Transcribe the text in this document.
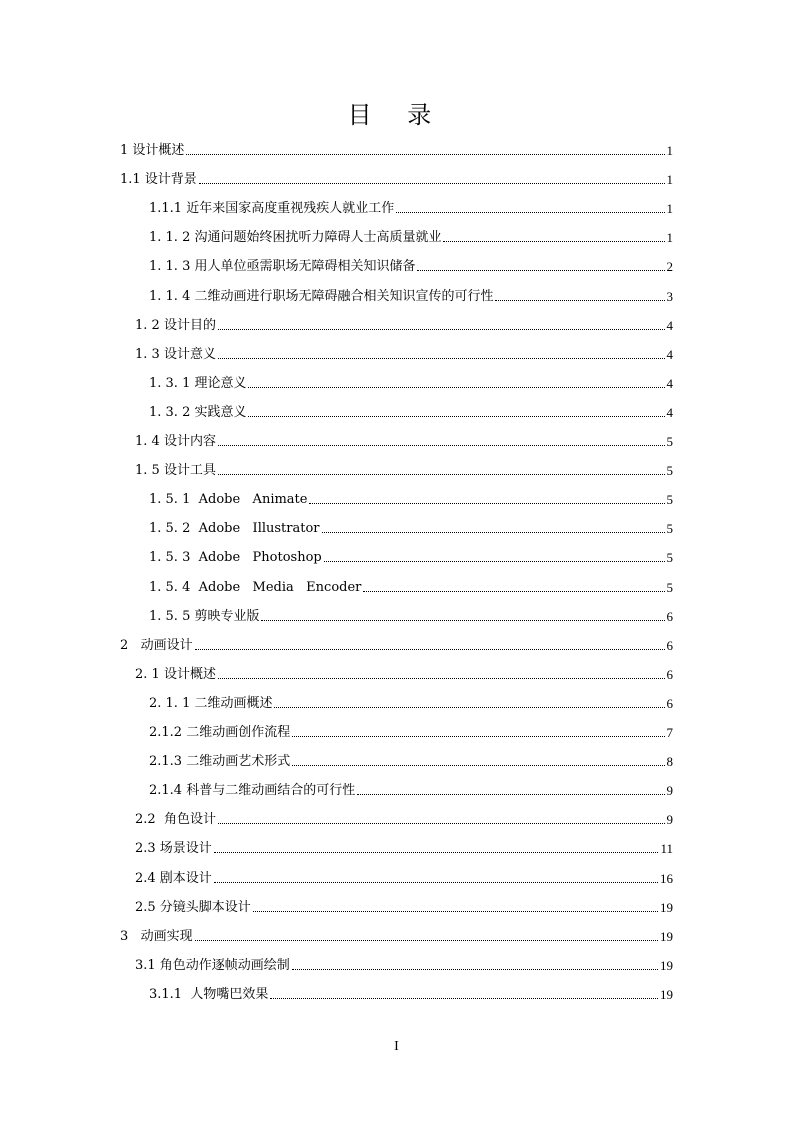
目 录
1 设计概述	1
1.1 设计背景	1
1.1.1 近年来国家高度重视残疾人就业工作	1
1. 1. 2 沟通问题始终困扰听力障碍人士高质量就业	1
1. 1. 3 用人单位亟需职场无障碍相关知识储备	2
1. 1. 4 二维动画进行职场无障碍融合相关知识宣传的可行性	3
1. 2 设计目的	4
1. 3 设计意义	4
1. 3. 1 理论意义	4
1. 3. 2 实践意义	4
1. 4 设计内容	5
1. 5 设计工具	5
1. 5. 1  Adobe   Animate	5
1. 5. 2  Adobe   Illustrator	5
1. 5. 3  Adobe   Photoshop	5
1. 5. 4  Adobe   Media   Encoder	5
1. 5. 5 剪映专业版	6
2   动画设计	6
2. 1 设计概述	6
2. 1. 1 二维动画概述	6
2.1.2 二维动画创作流程	7
2.1.3 二维动画艺术形式	8
2.1.4 科普与二维动画结合的可行性	9
2.2  角色设计	9
2.3 场景设计	11
2.4 剧本设计	16
2.5 分镜头脚本设计	19
3   动画实现	19
3.1 角色动作逐帧动画绘制	19
3.1.1  人物嘴巴效果	19
I
